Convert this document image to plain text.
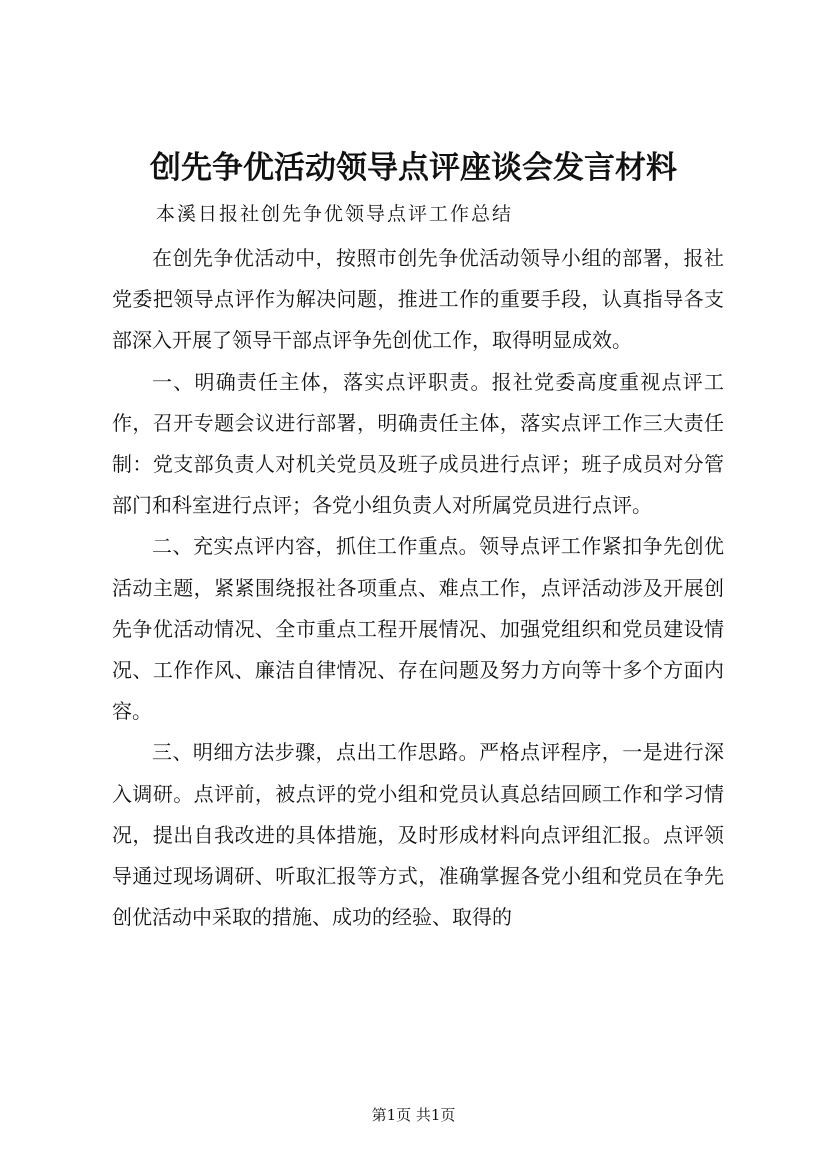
创先争优活动领导点评座谈会发言材料
本溪日报社创先争优领导点评工作总结

在创先争优活动中，按照市创先争优活动领导小组的部署，报社党委把领导点评作为解决问题，推进工作的重要手段，认真指导各支部深入开展了领导干部点评争先创优工作，取得明显成效。

一、明确责任主体，落实点评职责。报社党委高度重视点评工作，召开专题会议进行部署，明确责任主体，落实点评工作三大责任制：党支部负责人对机关党员及班子成员进行点评；班子成员对分管部门和科室进行点评；各党小组负责人对所属党员进行点评。

二、充实点评内容，抓住工作重点。领导点评工作紧扣争先创优活动主题，紧紧围绕报社各项重点、难点工作，点评活动涉及开展创先争优活动情况、全市重点工程开展情况、加强党组织和党员建设情况、工作作风、廉洁自律情况、存在问题及努力方向等十多个方面内容。

三、明细方法步骤，点出工作思路。严格点评程序，一是进行深入调研。点评前，被点评的党小组和党员认真总结回顾工作和学习情况，提出自我改进的具体措施，及时形成材料向点评组汇报。点评领导通过现场调研、听取汇报等方式，准确掌握各党小组和党员在争先创优活动中采取的措施、成功的经验、取得的

第1页 共1页
